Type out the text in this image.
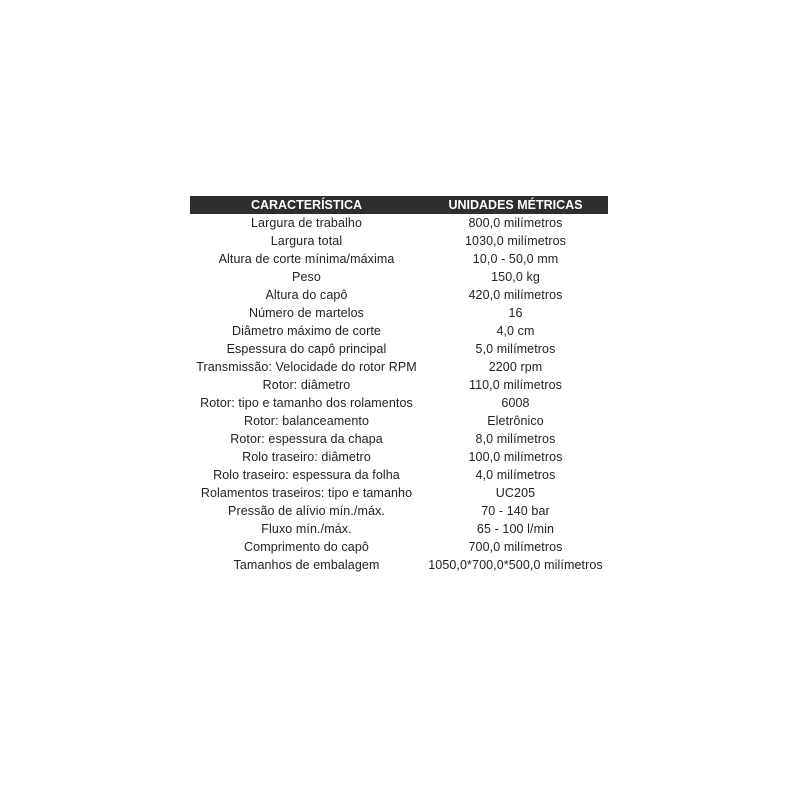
CARACTERÍSTICA	UNIDADES MÉTRICAS
Largura de trabalho	800,0 milímetros
Largura total	1030,0 milímetros
Altura de corte mínima/máxima	10,0 - 50,0 mm
Peso	150,0 kg
Altura do capô	420,0 milímetros
Número de martelos	16
Diâmetro máximo de corte	4,0 cm
Espessura do capô principal	5,0 milímetros
Transmissão: Velocidade do rotor RPM	2200 rpm
Rotor: diâmetro	110,0 milímetros
Rotor: tipo e tamanho dos rolamentos	6008
Rotor: balanceamento	Eletrônico
Rotor: espessura da chapa	8,0 milímetros
Rolo traseiro: diâmetro	100,0 milímetros
Rolo traseiro: espessura da folha	4,0 milímetros
Rolamentos traseiros: tipo e tamanho	UC205
Pressão de alívio mín./máx.	70 - 140 bar
Fluxo mín./máx.	65 - 100 l/min
Comprimento do capô	700,0 milímetros
Tamanhos de embalagem	1050,0*700,0*500,0 milímetros
